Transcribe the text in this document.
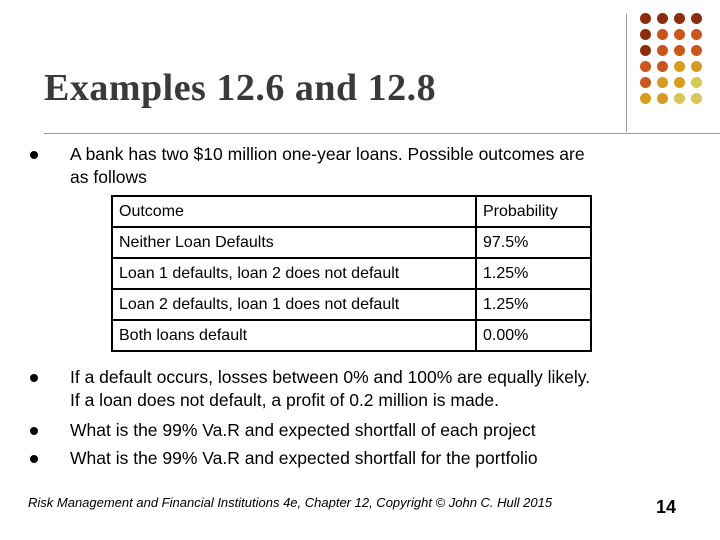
Examples 12.6 and 12.8
A bank has two $10 million one-year loans. Possible outcomes are
as follows
Outcome	Probability
Neither Loan Defaults	97.5%
Loan 1 defaults, loan 2 does not default	1.25%
Loan 2 defaults, loan 1 does not default	1.25%
Both loans default	0.00%
If a default occurs, losses between 0% and 100% are equally likely.
If a loan does not default, a profit of 0.2 million is made.
What is the 99% Va.R and expected shortfall of each project
What is the 99% Va.R and expected shortfall for the portfolio
Risk Management and Financial Institutions 4e, Chapter 12, Copyright © John C. Hull 2015	14
